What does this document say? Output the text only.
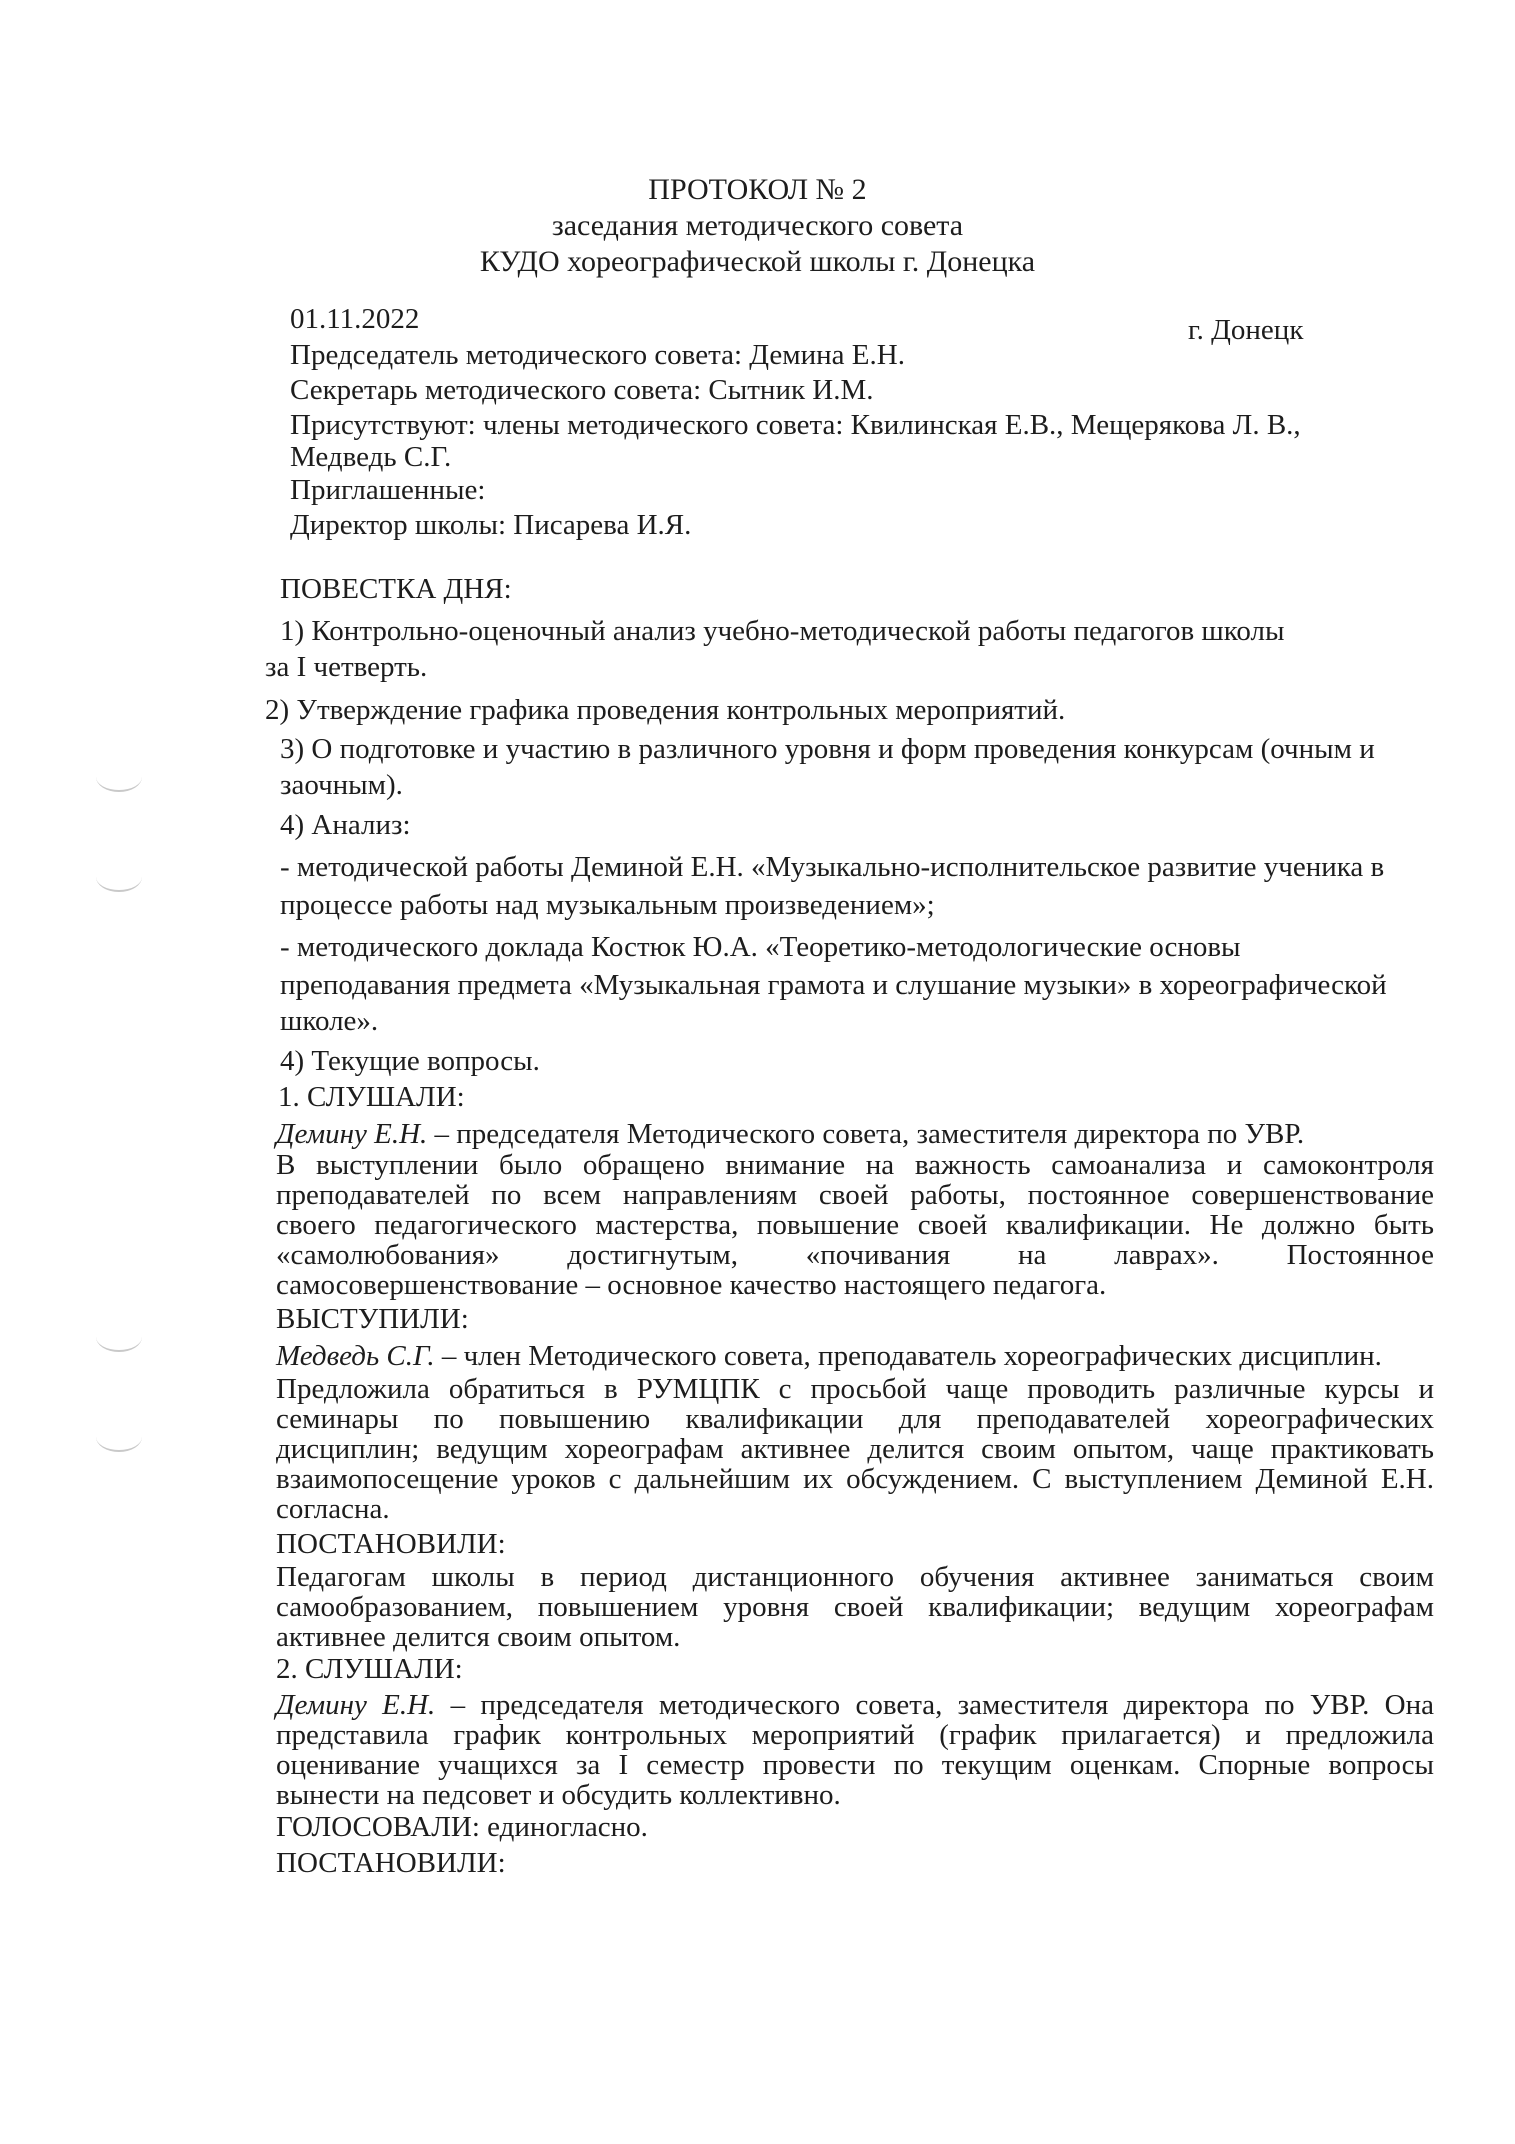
ПРОТОКОЛ № 2
заседания методического совета
КУДО хореографической школы г. Донецка
01.11.2022	г. Донецк
Председатель методического совета: Демина Е.Н.
Секретарь методического совета: Сытник И.М.
Присутствуют: члены методического совета: Квилинская Е.В., Мещерякова Л. В.,
Медведь С.Г.
Приглашенные:
Директор школы: Писарева И.Я.
ПОВЕСТКА ДНЯ:
1) Контрольно-оценочный анализ учебно-методической работы педагогов школы
за I четверть.
2) Утверждение графика проведения контрольных мероприятий.
3) О подготовке и участию в различного уровня и форм проведения конкурсам (очным и
заочным).
4) Анализ:
- методической работы Деминой Е.Н. «Музыкально-исполнительское развитие ученика в
процессе работы над музыкальным произведением»;
- методического доклада Костюк Ю.А. «Теоретико-методологические основы
преподавания предмета «Музыкальная грамота и слушание музыки» в хореографической
школе».
4) Текущие вопросы.
1. СЛУШАЛИ:
Демину Е.Н. – председателя Методического совета, заместителя директора по УВР.
В выступлении было обращено внимание на важность самоанализа и самоконтроля
преподавателей по всем направлениям своей работы, постоянное совершенствование
своего педагогического мастерства, повышение своей квалификации. Не должно быть
«самолюбования» достигнутым, «почивания на лаврах». Постоянное
самосовершенствование – основное качество настоящего педагога.
ВЫСТУПИЛИ:
Медведь С.Г. – член Методического совета, преподаватель хореографических дисциплин.
Предложила обратиться в РУМЦПК с просьбой чаще проводить различные курсы и
семинары по повышению квалификации для преподавателей хореографических
дисциплин; ведущим хореографам активнее делится своим опытом, чаще практиковать
взаимопосещение уроков с дальнейшим их обсуждением. С выступлением Деминой Е.Н.
согласна.
ПОСТАНОВИЛИ:
Педагогам школы в период дистанционного обучения активнее заниматься своим
самообразованием, повышением уровня своей квалификации; ведущим хореографам
активнее делится своим опытом.
2. СЛУШАЛИ:
Демину Е.Н. – председателя методического совета, заместителя директора по УВР. Она
представила график контрольных мероприятий (график прилагается) и предложила
оценивание учащихся за I семестр провести по текущим оценкам. Спорные вопросы
вынести на педсовет и обсудить коллективно.
ГОЛОСОВАЛИ: единогласно.
ПОСТАНОВИЛИ:
